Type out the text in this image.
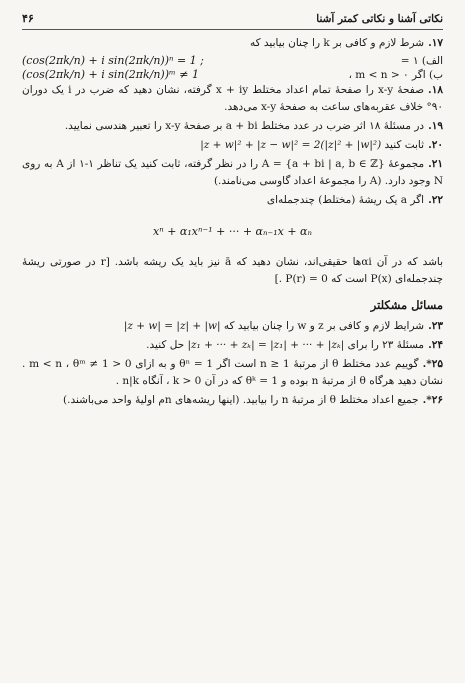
نکاتی آشنا و نکاتی کمتر آشنا
۴۶
۱۷.شرط لازم و کافی بر k را چنان بیابید که
الف) ۱ =
(cos(2πk/n) + i sin(2πk/n))ⁿ = 1 ;
ب) اگر ۰ < m < n ،
(cos(2πk/n) + i sin(2πk/n))ᵐ ≠ 1
۱۸.صفحهٔ x-y را صفحهٔ تمام اعداد مختلط x + iy گرفته، نشان دهید که ضرب در i یک دوران ۹۰° خلاف عقربه‌های ساعت به صفحهٔ x-y می‌دهد.
۱۹.در مسئلهٔ ۱۸ اثر ضرب در عدد مختلط a + bi بر صفحهٔ x-y را تعبیر هندسی نمایید.
۲۰.ثابت کنید |z + w|² + |z − w|² = 2(|z|² + |w|²)
۲۱.مجموعهٔ A = {a + bi | a, b ∈ ℤ} را در نظر گرفته، ثابت کنید یک تناظر ۱-۱ از A به روی N وجود دارد. (A را مجموعهٔ اعداد گاوسی می‌نامند.)
۲۲.اگر a یک ریشهٔ (مختلط) چندجمله‌ای
xⁿ + α₁xⁿ⁻¹ + ··· + αₙ₋₁x + αₙ
باشد که در آن αiها حقیقی‌اند، نشان دهید که ā نیز باید یک ریشه باشد. [r در صورتی ریشهٔ چندجمله‌ای P(x) است که P(r) = 0 .]
مسائل مشکلتر
۲۳.شرایط لازم و کافی بر z و w را چنان بیابید که |z + w| = |z| + |w|
۲۴.مسئلهٔ ۲۳ را برای |z₁ + ··· + zₖ| = |z₁| + ··· + |zₖ| حل کنید.
۲۵*.گوییم عدد مختلط θ از مرتبهٔ n ≥ 1 است اگر θⁿ = 1 و به ازای 0 < m < n ، θᵐ ≠ 1 . نشان دهید هرگاه θ از مرتبهٔ n بوده و θᵏ = 1 که در آن k > 0 ، آنگاه n|k .
۲۶*.جمیع اعداد مختلط θ از مرتبهٔ n را بیابید. (اینها ریشه‌های nم اولیهٔ واحد می‌باشند.)
